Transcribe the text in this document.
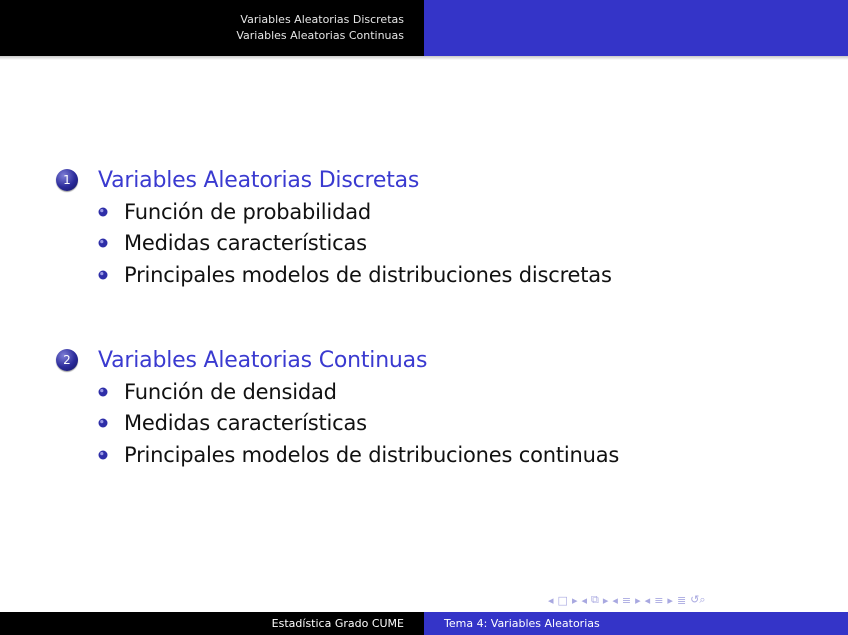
Variables Aleatorias Discretas
Variables Aleatorias Continuas
1	Variables Aleatorias Discretas
Función de probabilidad
Medidas características
Principales modelos de distribuciones discretas
2	Variables Aleatorias Continuas
Función de densidad
Medidas características
Principales modelos de distribuciones continuas
◂ □ ▸ ◂ ⧉ ▸ ◂ ≡ ▸ ◂ ≡ ▸ ≣ ↺⌕
Estadística Grado CUME	Tema 4: Variables Aleatorias
